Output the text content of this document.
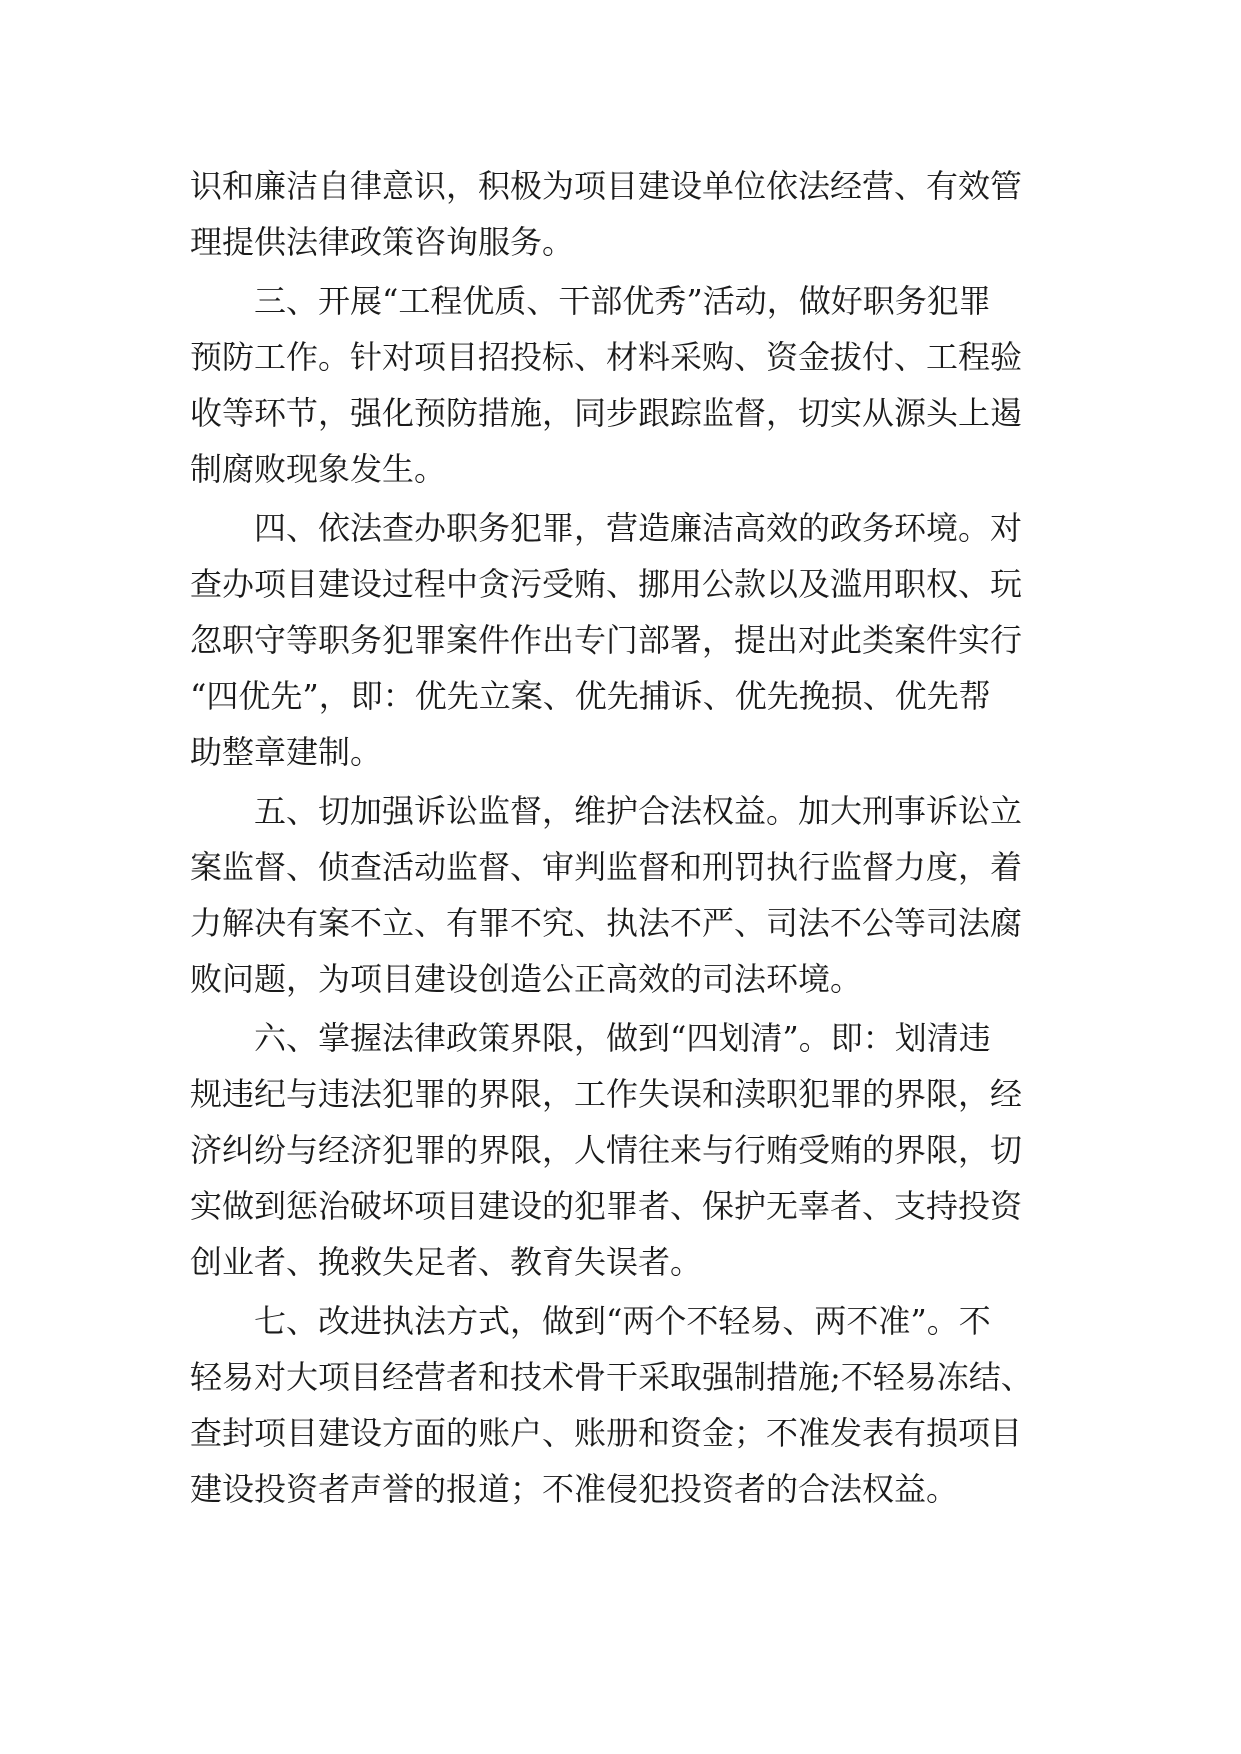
识和廉洁自律意识，积极为项目建设单位依法经营、有效管
理提供法律政策咨询服务。
三、开展“工程优质、干部优秀”活动，做好职务犯罪
预防工作。针对项目招投标、材料采购、资金拔付、工程验
收等环节，强化预防措施，同步跟踪监督，切实从源头上遏
制腐败现象发生。
四、依法查办职务犯罪，营造廉洁高效的政务环境。对
查办项目建设过程中贪污受贿、挪用公款以及滥用职权、玩
忽职守等职务犯罪案件作出专门部署，提出对此类案件实行
“四优先”，即：优先立案、优先捕诉、优先挽损、优先帮
助整章建制。
五、切加强诉讼监督，维护合法权益。加大刑事诉讼立
案监督、侦查活动监督、审判监督和刑罚执行监督力度，着
力解决有案不立、有罪不究、执法不严、司法不公等司法腐
败问题，为项目建设创造公正高效的司法环境。
六、掌握法律政策界限，做到“四划清”。即：划清违
规违纪与违法犯罪的界限，工作失误和渎职犯罪的界限，经
济纠纷与经济犯罪的界限，人情往来与行贿受贿的界限，切
实做到惩治破坏项目建设的犯罪者、保护无辜者、支持投资
创业者、挽救失足者、教育失误者。
七、改进执法方式，做到“两个不轻易、两不准”。不
轻易对大项目经营者和技术骨干采取强制措施;不轻易冻结、
查封项目建设方面的账户、账册和资金；不准发表有损项目
建设投资者声誉的报道；不准侵犯投资者的合法权益。
